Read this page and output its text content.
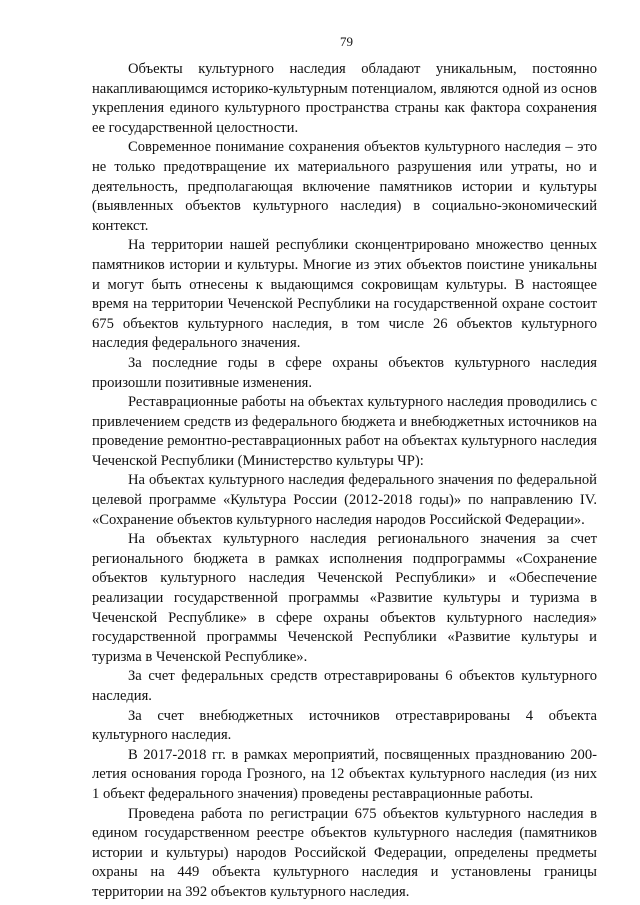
79

Объекты культурного наследия обладают уникальным, постоянно накапливающимся историко-культурным потенциалом, являются одной из основ укрепления единого культурного пространства страны как фактора сохранения ее государственной целостности.

Современное понимание сохранения объектов культурного наследия – это не только предотвращение их материального разрушения или утраты, но и деятельность, предполагающая включение памятников истории и культуры (выявленных объектов культурного наследия) в социально-экономический контекст.

На территории нашей республики сконцентрировано множество ценных памятников истории и культуры. Многие из этих объектов поистине уникальны и могут быть отнесены к выдающимся сокровищам культуры. В настоящее время на территории Чеченской Республики на государственной охране состоит 675 объектов культурного наследия, в том числе 26 объектов культурного наследия федерального значения.

За последние годы в сфере охраны объектов культурного наследия произошли позитивные изменения.

Реставрационные работы на объектах культурного наследия проводились с привлечением средств из федерального бюджета и внебюджетных источников на проведение ремонтно-реставрационных работ на объектах культурного наследия Чеченской Республики (Министерство культуры ЧР):

На объектах культурного наследия федерального значения по федеральной целевой программе «Культура России (2012-2018 годы)» по направлению IV. «Сохранение объектов культурного наследия народов Российской Федерации».

На объектах культурного наследия регионального значения за счет регионального бюджета в рамках исполнения подпрограммы «Сохранение объектов культурного наследия Чеченской Республики» и «Обеспечение реализации государственной программы «Развитие культуры и туризма в Чеченской Республике» в сфере охраны объектов культурного наследия» государственной программы Чеченской Республики «Развитие культуры и туризма в Чеченской Республике».

За счет федеральных средств отреставрированы 6 объектов культурного наследия.

За счет внебюджетных источников отреставрированы 4 объекта культурного наследия.

В 2017-2018 гг. в рамках мероприятий, посвященных празднованию 200-летия основания города Грозного, на 12 объектах культурного наследия (из них 1 объект федерального значения) проведены реставрационные работы.

Проведена работа по регистрации 675 объектов культурного наследия в едином государственном реестре объектов культурного наследия (памятников истории и культуры) народов Российской Федерации, определены предметы охраны на 449 объекта культурного наследия и установлены границы территории на 392 объектов культурного наследия.
